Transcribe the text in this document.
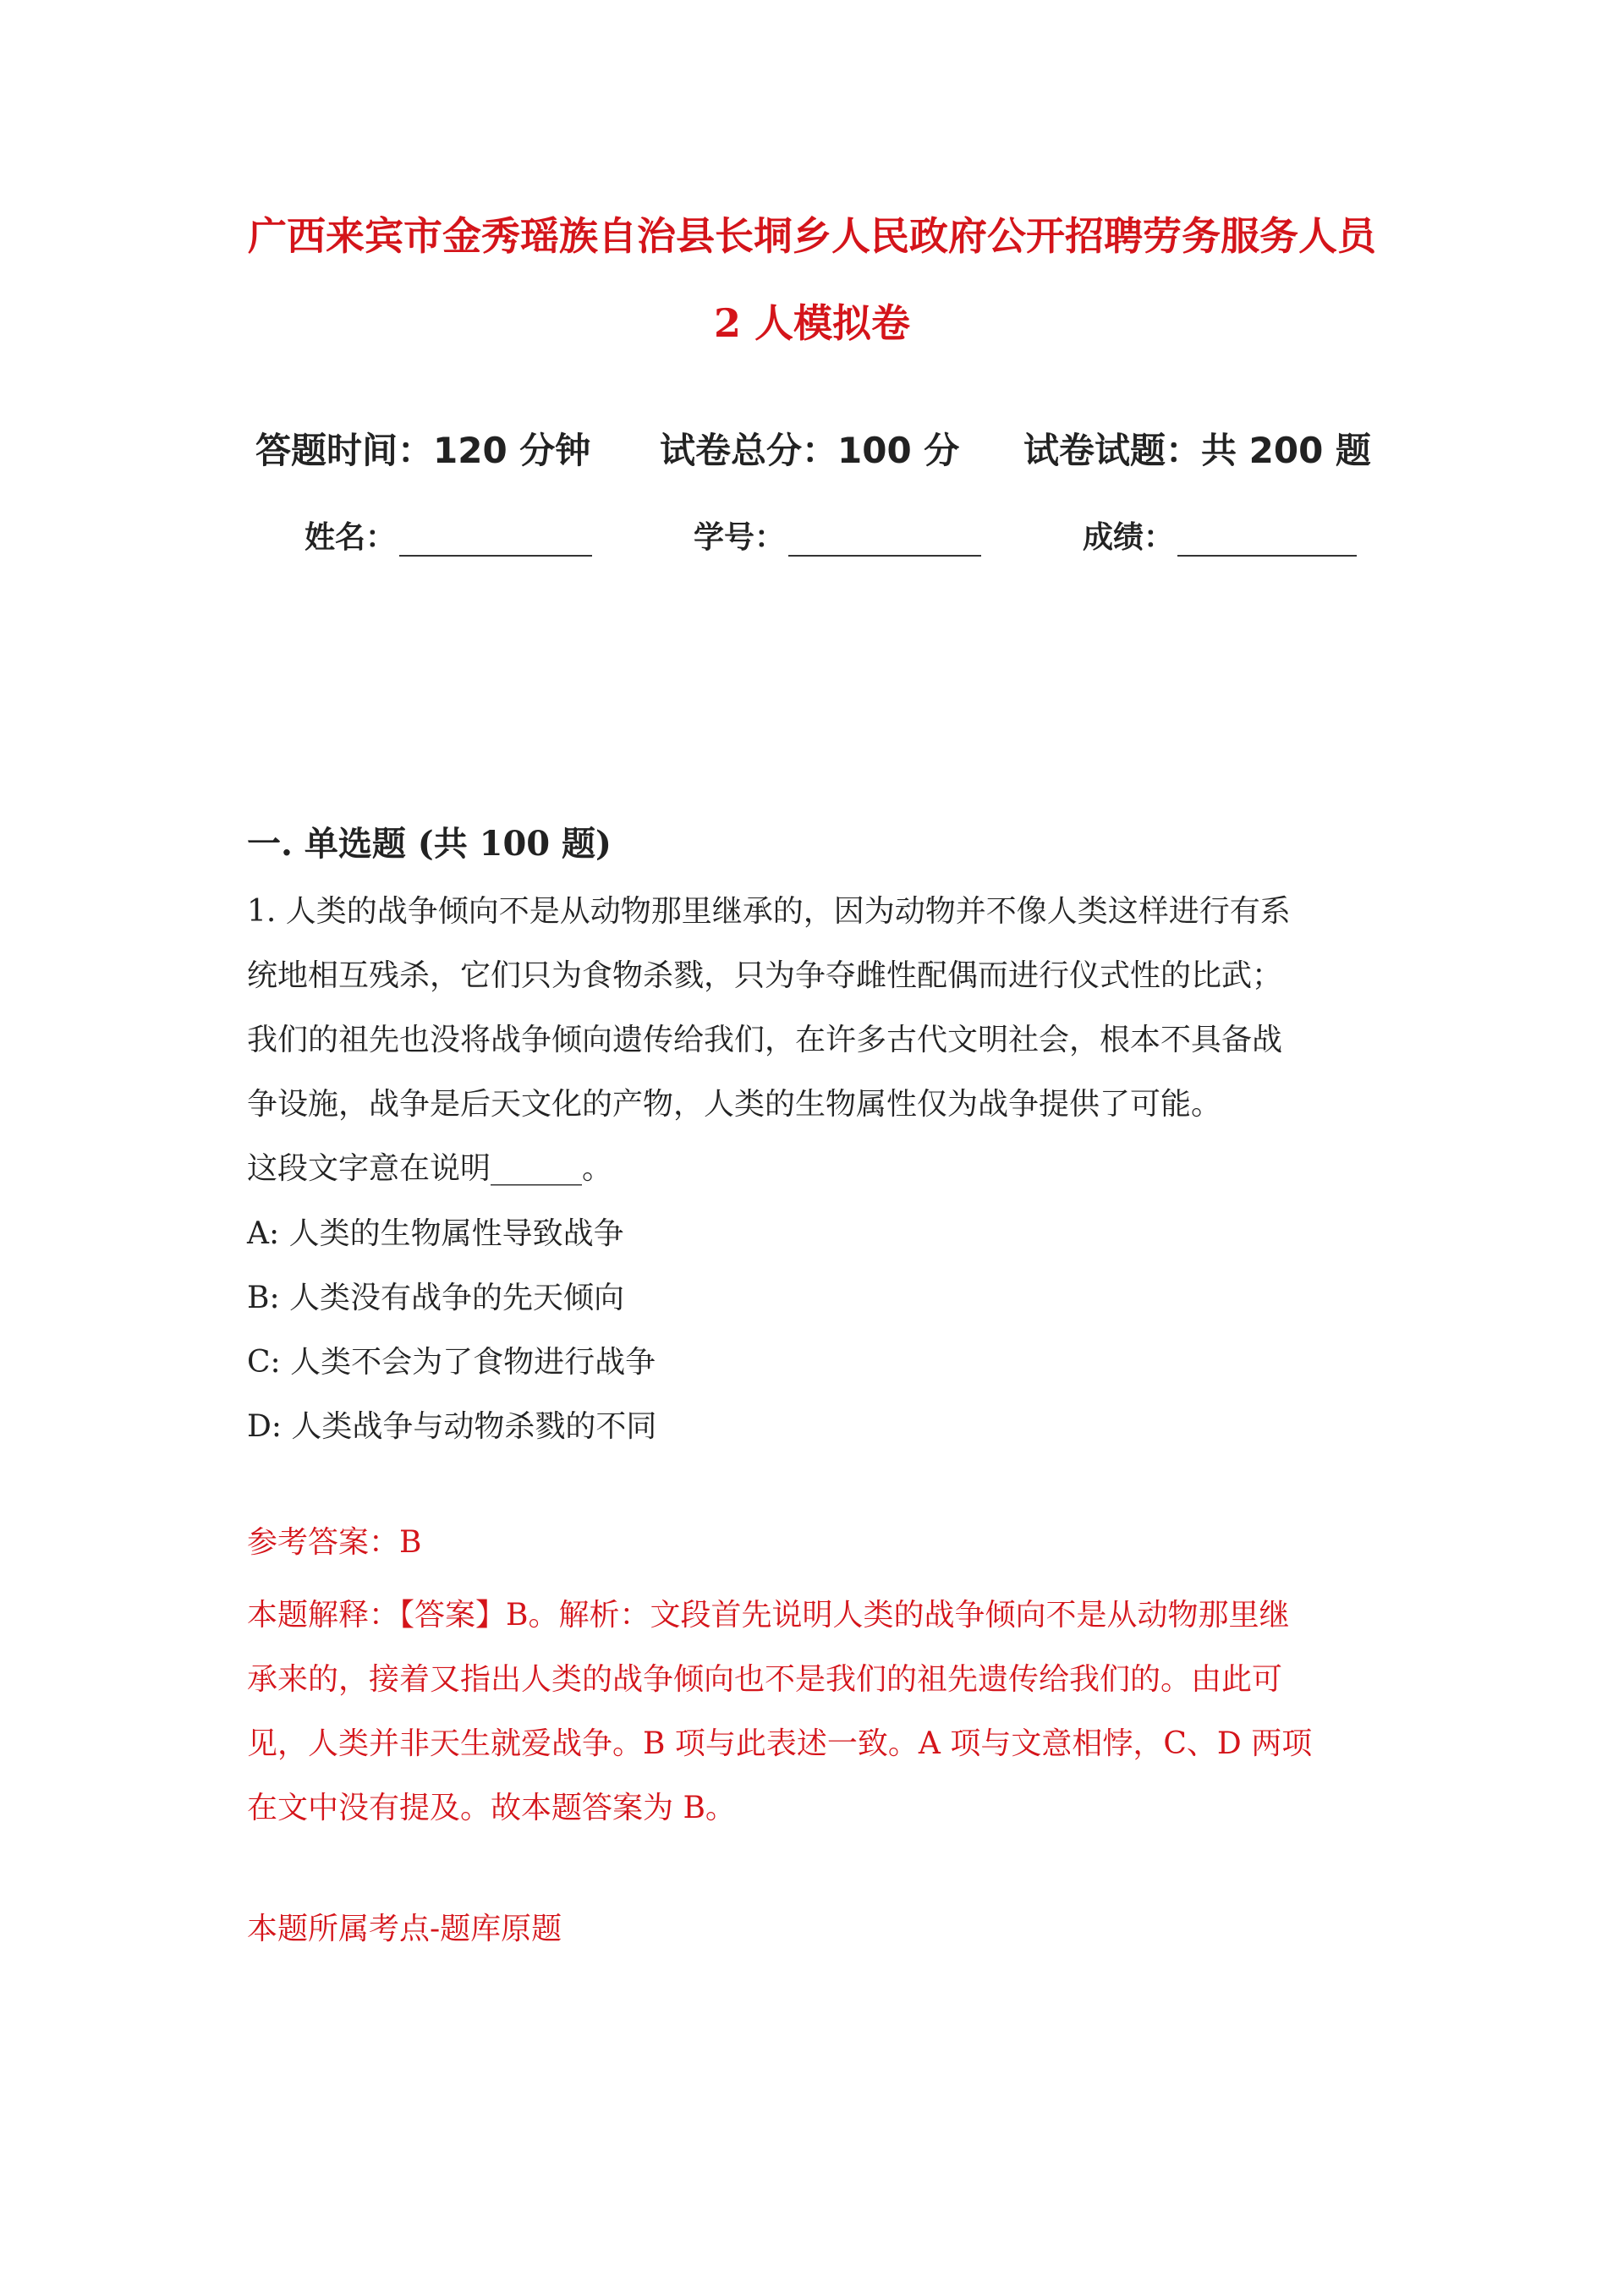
广西来宾市金秀瑶族自治县长垌乡人民政府公开招聘劳务服务人员
2 人模拟卷
答题时间：120 分钟 试卷总分：100 分 试卷试题：共 200 题
姓名：	学号：	成绩：
一. 单选题 (共 100 题)
1. 人类的战争倾向不是从动物那里继承的，因为动物并不像人类这样进行有系
统地相互残杀，它们只为食物杀戮，只为争夺雌性配偶而进行仪式性的比武；
我们的祖先也没将战争倾向遗传给我们，在许多古代文明社会，根本不具备战
争设施，战争是后天文化的产物，人类的生物属性仅为战争提供了可能。
这段文字意在说明______。
A: 人类的生物属性导致战争
B: 人类没有战争的先天倾向
C: 人类不会为了食物进行战争
D: 人类战争与动物杀戮的不同
参考答案：B
本题解释：【答案】B。解析：文段首先说明人类的战争倾向不是从动物那里继
承来的，接着又指出人类的战争倾向也不是我们的祖先遗传给我们的。由此可
见，人类并非天生就爱战争。B 项与此表述一致。A 项与文意相悖，C、D 两项
在文中没有提及。故本题答案为 B。
本题所属考点-题库原题
